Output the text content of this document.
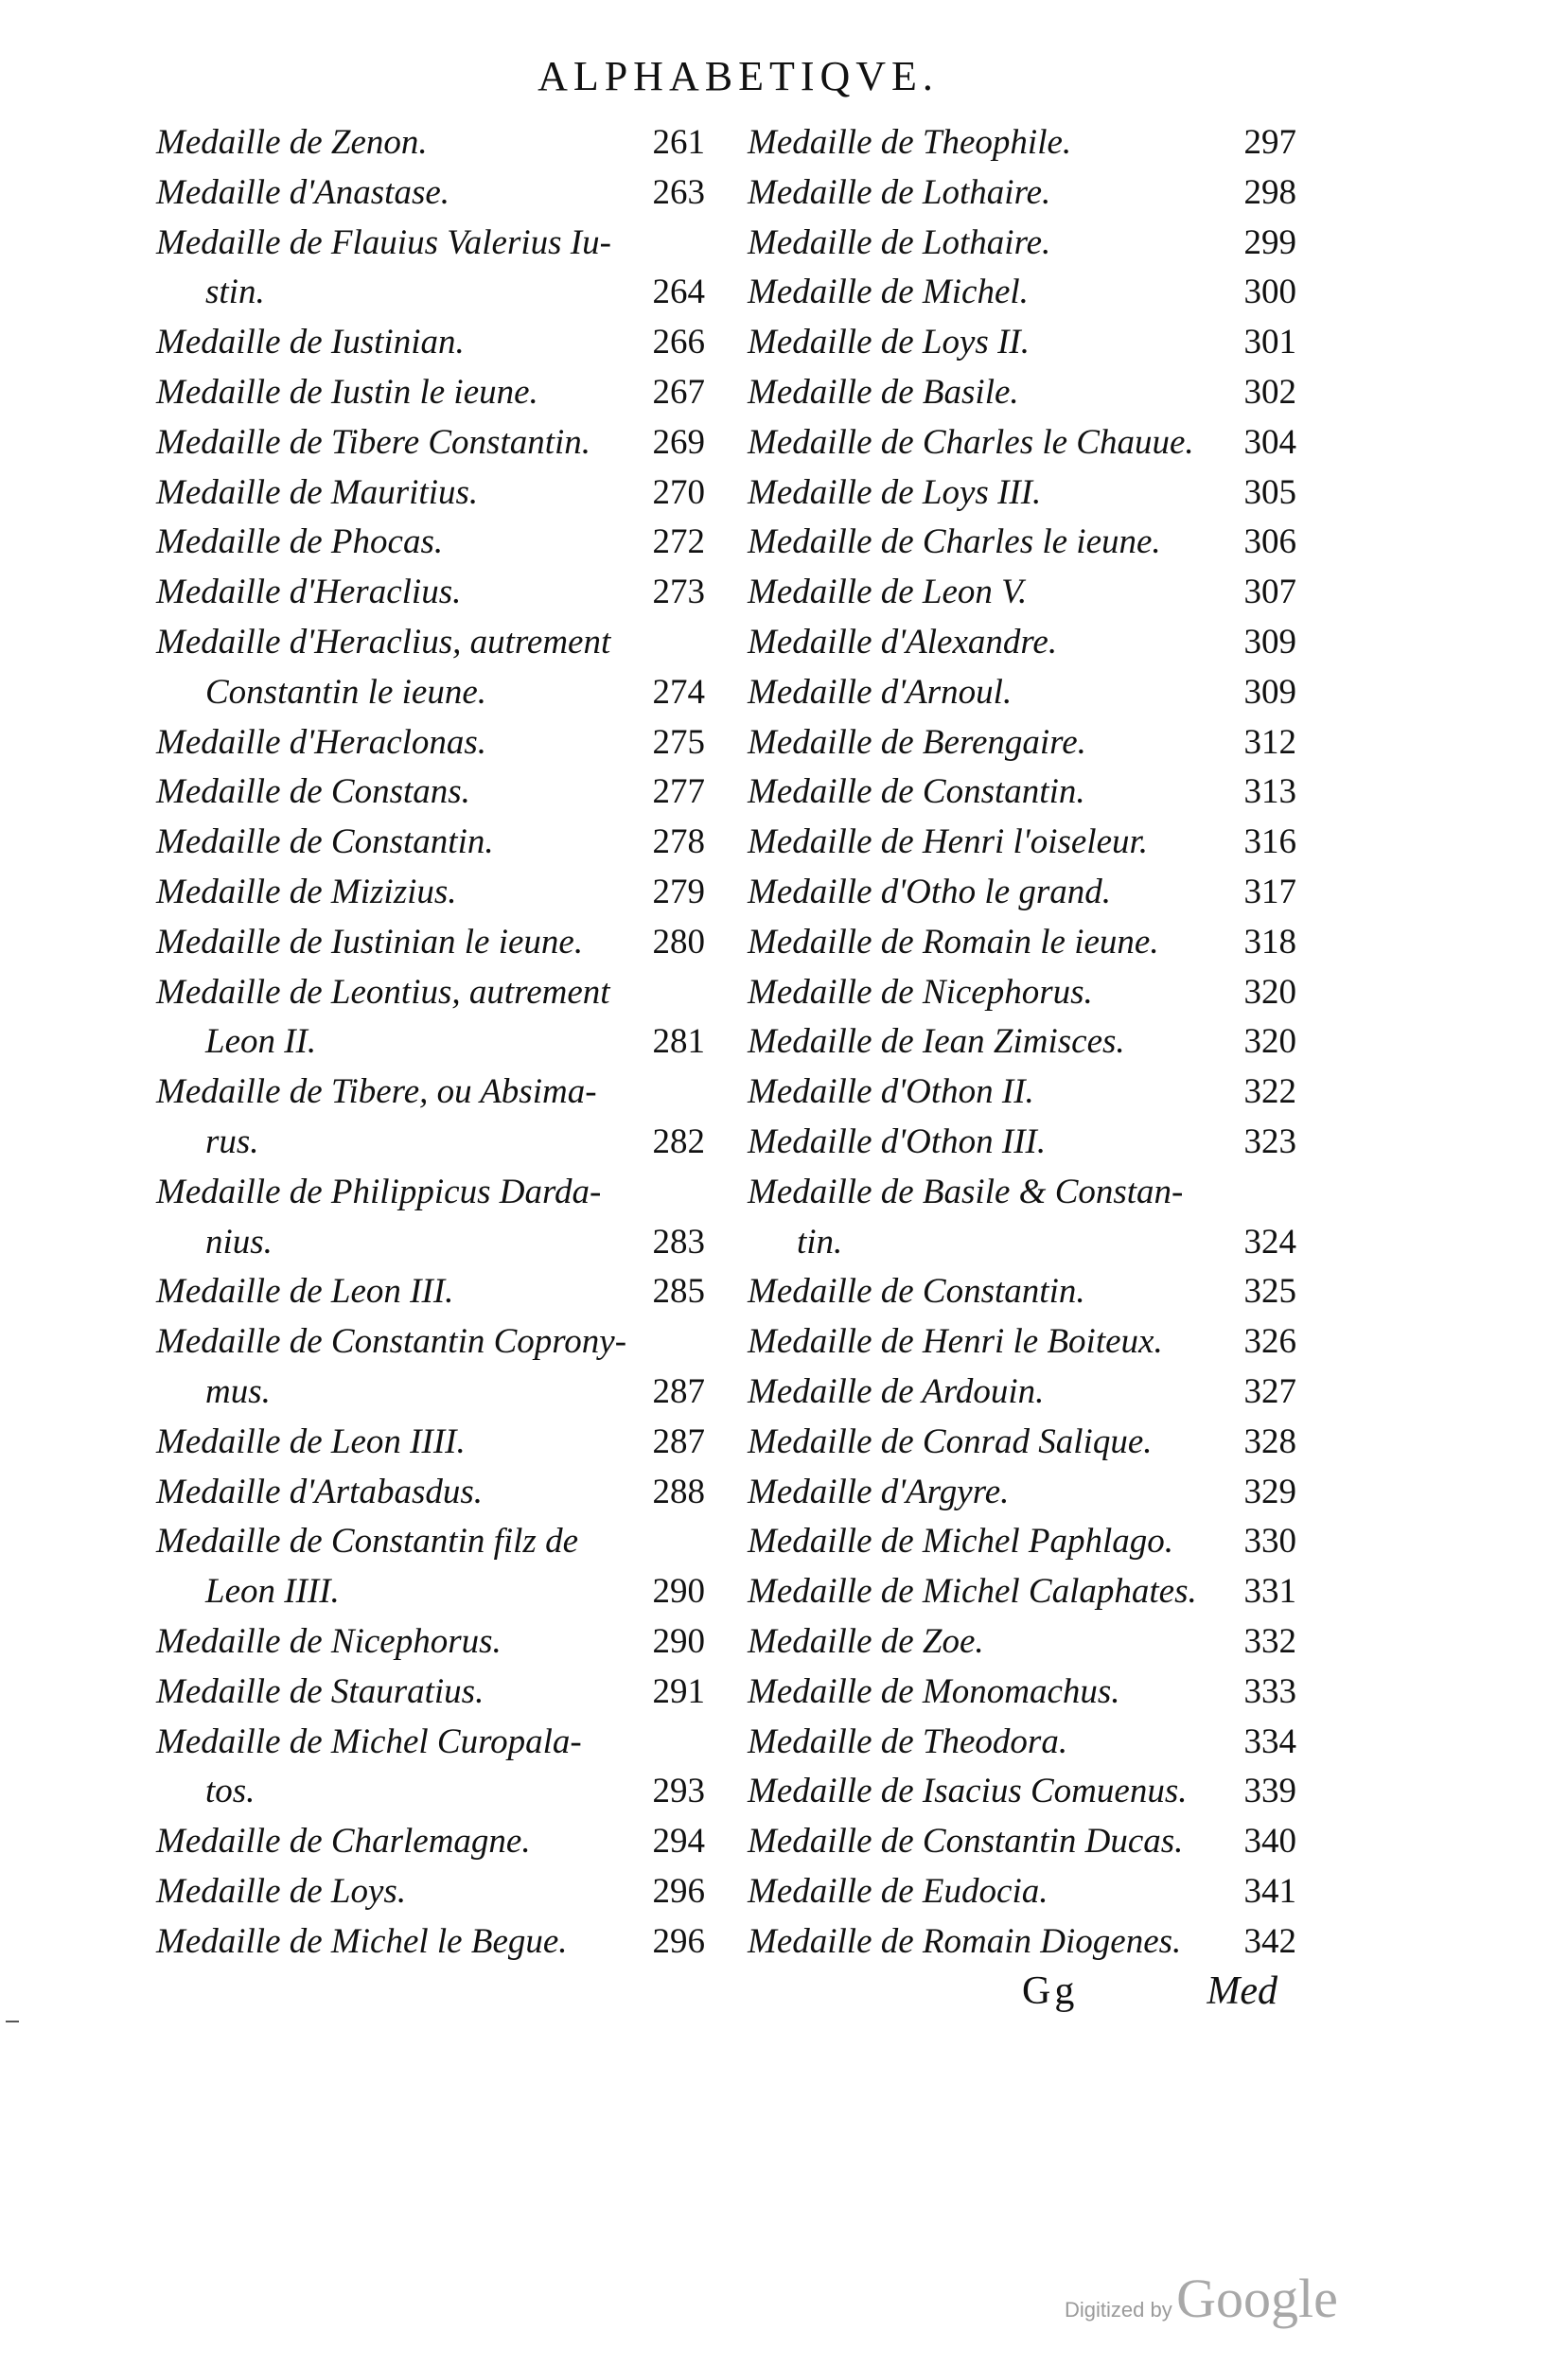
ALPHABETIQVE.
Medaille de Zenon.	261
Medaille d'Anastase.	263
Medaille de Flauius Valerius Iu-
stin.	264
Medaille de Iustinian.	266
Medaille de Iustin le ieune.	267
Medaille de Tibere Constantin. 269
Medaille de Mauritius.	270
Medaille de Phocas.	272
Medaille d'Heraclius.	273
Medaille d'Heraclius, autrement
Constantin le ieune.	274
Medaille d'Heraclonas.	275
Medaille de Constans.	277
Medaille de Constantin.	278
Medaille de Mizizius.	279
Medaille de Iustinian le ieune. 280
Medaille de Leontius, autrement
Leon II.	281
Medaille de Tibere, ou Absima-
rus.	282
Medaille de Philippicus Darda-
nius.	283
Medaille de Leon III.	285
Medaille de Constantin Coprony-
mus.	287
Medaille de Leon IIII.	287
Medaille d'Artabasdus.	288
Medaille de Constantin filz de
Leon IIII.	290
Medaille de Nicephorus.	290
Medaille de Stauratius.	291
Medaille de Michel Curopala-
tos.	293
Medaille de Charlemagne.	294
Medaille de Loys.	296
Medaille de Michel le Begue. 296
Medaille de Theophile.	297
Medaille de Lothaire.	298
Medaille de Lothaire.	299
Medaille de Michel.	300
Medaille de Loys II.	301
Medaille de Basile.	302
Medaille de Charles le Chauue. 304
Medaille de Loys III.	305
Medaille de Charles le ieune. 306
Medaille de Leon V.	307
Medaille d'Alexandre.	309
Medaille d'Arnoul.	309
Medaille de Berengaire.	312
Medaille de Constantin.	313
Medaille de Henri l'oiseleur.	316
Medaille d'Otho le grand.	317
Medaille de Romain le ieune. 318
Medaille de Nicephorus.	320
Medaille de Iean Zimisces.	320
Medaille d'Othon II.	322
Medaille d'Othon III.	323
Medaille de Basile & Constan-
tin.	324
Medaille de Constantin.	325
Medaille de Henri le Boiteux. 326
Medaille de Ardouin.	327
Medaille de Conrad Salique.	328
Medaille d'Argyre.	329
Medaille de Michel Paphlago. 330
Medaille de Michel Calaphates. 331
Medaille de Zoe.	332
Medaille de Monomachus.	333
Medaille de Theodora.	334
Medaille de Isacius Comuenus. 339
Medaille de Constantin Ducas. 340
Medaille de Eudocia.	341
Medaille de Romain Diogenes. 342
Gg	Med
Digitized by Google
